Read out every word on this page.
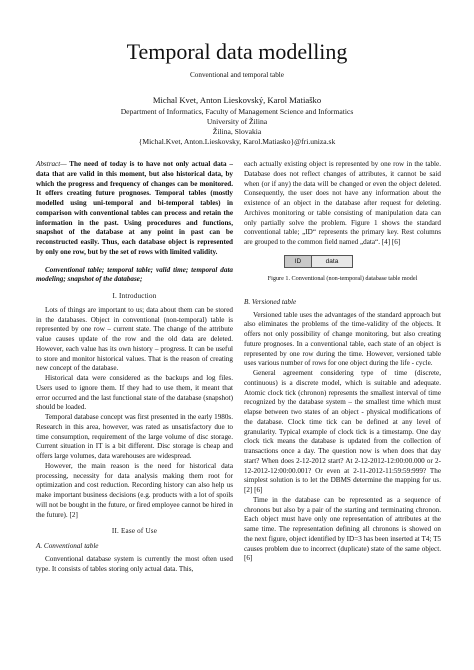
Temporal data modelling
Conventional and temporal table
Michal Kvet, Anton Lieskovský, Karol Matiaško
Department of Informatics, Faculty of Management Science and Informatics
University of Žilina
Žilina, Slovakia
{Michal.Kvet, Anton.Lieskovsky, Karol.Matiasko}@fri.uniza.sk

Abstract— The need of today is to have not only actual data – data that are valid in this moment, but also historical data, by which the progress and frequency of changes can be monitored. It offers creating future prognoses. Temporal tables (mostly modelled using uni-temporal and bi-temporal tables) in comparison with conventional tables can process and retain the information in the past. Using procedures and functions, snapshot of the database at any point in past can be reconstructed easily. Thus, each database object is represented by only one row, but by the set of rows with limited validity.

Conventional table; temporal table; valid time; temporal data modeling; snapshot of the database;

I. Introduction

Lots of things are important to us; data about them can be stored in the databases. Object in conventional (non-temporal) table is represented by one row – current state. The change of the attribute value causes update of the row and the old data are deleted. However, each value has its own history – progress. It can be useful to store and monitor historical values. That is the reason of creating new concept of the database.

Historical data were considered as the backups and log files. Users used to ignore them. If they had to use them, it meant that error occurred and the last functional state of the database (snapshot) should be loaded.

Temporal database concept was first presented in the early 1980s. Research in this area, however, was rated as unsatisfactory due to time consumption, requirement of the large volume of disc storage. Current situation in IT is a bit different. Disc storage is cheap and offers large volumes, data warehouses are widespread.

However, the main reason is the need for historical data processing, necessity for data analysis making them root for optimization and cost reduction. Recording history can also help us make important business decisions (e.g. products with a lot of spoils will not be bought in the future, or fired employee cannot be hired in the future). [2]

II. Ease of Use
A. Conventional table

Conventional database system is currently the most often used type. It consists of tables storing only actual data. This,

each actually existing object is represented by one row in the table. Database does not reflect changes of attributes, it cannot be said when (or if any) the data will be changed or even the object deleted. Consequently, the user does not have any information about the existence of an object in the database after request for deleting. Archives monitoring or table consisting of manipulation data can only partially solve the problem. Figure 1 shows the standard conventional table; „ID“ represents the primary key. Rest columns are grouped to the common field named „data“. [4] [6]

ID	data
Figure 1. Conventional (non-temporal) database table model
B. Versioned table

Versioned table uses the advantages of the standard approach but also eliminates the problems of the time-validity of the objects. It offers not only possibility of change monitoring, but also creating future prognoses. In a conventional table, each state of an object is represented by one row during the time. However, versioned table uses various number of rows for one object during the life - cycle.

General agreement considering type of time (discrete, continuous) is a discrete model, which is suitable and adequate. Atomic clock tick (chronon) represents the smallest interval of time recognized by the database system – the smallest time which must elapse between two states of an object - physical modifications of the database. Clock time tick can be defined at any level of granularity. Typical example of clock tick is a timestamp. One day clock tick means the database is updated from the collection of transactions once a day. The question now is when does that day start? When does 2-12-2012 start? At 2-12-2012-12:00:00.000 or 2-12-2012-12:00:00.001? Or even at 2-11-2012-11:59:59:999? The simplest solution is to let the DBMS determine the mapping for us. [2] [6]

Time in the database can be represented as a sequence of chronons but also by a pair of the starting and terminating chronon. Each object must have only one representation of attributes at the same time. The representation defining all chronons is showed on the next figure, object identified by ID=3 has been inserted at T4; T5 causes problem due to incorrect (duplicate) state of the same object. [6]
